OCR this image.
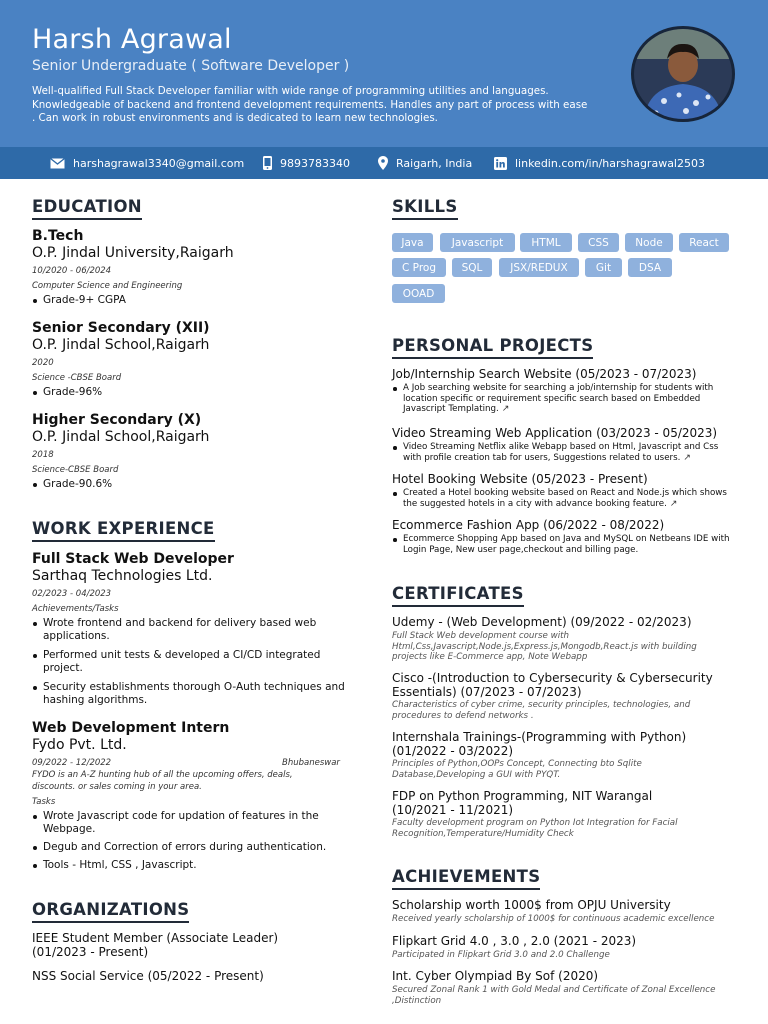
Harsh Agrawal
Senior Undergraduate ( Software Developer )
Well-qualified Full Stack Developer familiar with wide range of programming utilities and languages. Knowledgeable of backend and frontend development requirements. Handles any part of process with ease . Can work in robust environments and is dedicated to learn new technologies.
harshagrawal3340@gmail.com	9893783340	Raigarh, India	linkedin.com/in/harshagrawal2503
EDUCATION
B.Tech
O.P. Jindal University,Raigarh
10/2020 - 06/2024
Computer Science and Engineering
Grade-9+ CGPA
Senior Secondary (XII)
O.P. Jindal School,Raigarh
2020
Science -CBSE Board
Grade-96%
Higher Secondary (X)
O.P. Jindal School,Raigarh
2018
Science-CBSE Board
Grade-90.6%
WORK EXPERIENCE
Full Stack Web Developer
Sarthaq Technologies Ltd.
02/2023 - 04/2023
Achievements/Tasks
Wrote frontend and backend for delivery based web applications.
Performed unit tests & developed a CI/CD integrated project.
Security establishments thorough O-Auth techniques and hashing algorithms.
Web Development Intern
Fydo Pvt. Ltd.
09/2022 - 12/2022	Bhubaneswar
FYDO is an A-Z hunting hub of all the upcoming offers, deals, discounts. or sales coming in your area.
Tasks
Wrote Javascript code for updation of features in the Webpage.
Degub and Correction of errors during authentication.
Tools - Html, CSS , Javascript.
ORGANIZATIONS
IEEE Student Member (Associate Leader) (01/2023 - Present)
NSS Social Service (05/2022 - Present)
SKILLS
Java	Javascript	HTML	CSS	Node	React
C Prog	SQL	JSX/REDUX	Git	DSA
OOAD
PERSONAL PROJECTS
Job/Internship Search Website (05/2023 - 07/2023)
A Job searching website for searching a job/internship for students with location specific or requirement specific search based on Embedded Javascript Templating. ↗
Video Streaming Web Application (03/2023 - 05/2023)
Video Streaming Netflix alike Webapp based on Html, Javascript and Css with profile creation tab for users, Suggestions related to users. ↗
Hotel Booking Website (05/2023 - Present)
Created a Hotel booking website based on React and Node.js which shows the suggested hotels in a city with advance booking feature. ↗
Ecommerce Fashion App (06/2022 - 08/2022)
Ecommerce Shopping App based on Java and MySQL on Netbeans IDE with Login Page, New user page,checkout and billing page.
CERTIFICATES
Udemy - (Web Development) (09/2022 - 02/2023)
Full Stack Web development course with Html,Css,Javascript,Node.js,Express.js,Mongodb,React.js with building projects like E-Commerce app, Note Webapp
Cisco -(Introduction to Cybersecurity & Cybersecurity Essentials) (07/2023 - 07/2023)
Characteristics of cyber crime, security principles, technologies, and procedures to defend networks .
Internshala Trainings-(Programming with Python) (01/2022 - 03/2022)
Principles of Python,OOPs Concept, Connecting bto Sqlite Database,Developing a GUI with PYQT.
FDP on Python Programming, NIT Warangal (10/2021 - 11/2021)
Faculty development program on Python Iot Integration for Facial Recognition,Temperature/Humidity Check
ACHIEVEMENTS
Scholarship worth 1000$ from OPJU University
Received yearly scholarship of 1000$ for continuous academic excellence
Flipkart Grid 4.0 , 3.0 , 2.0 (2021 - 2023)
Participated in Flipkart Grid 3.0 and 2.0 Challenge
Int. Cyber Olympiad By Sof (2020)
Secured Zonal Rank 1 with Gold Medal and Certificate of Zonal Excellence ,Distinction
